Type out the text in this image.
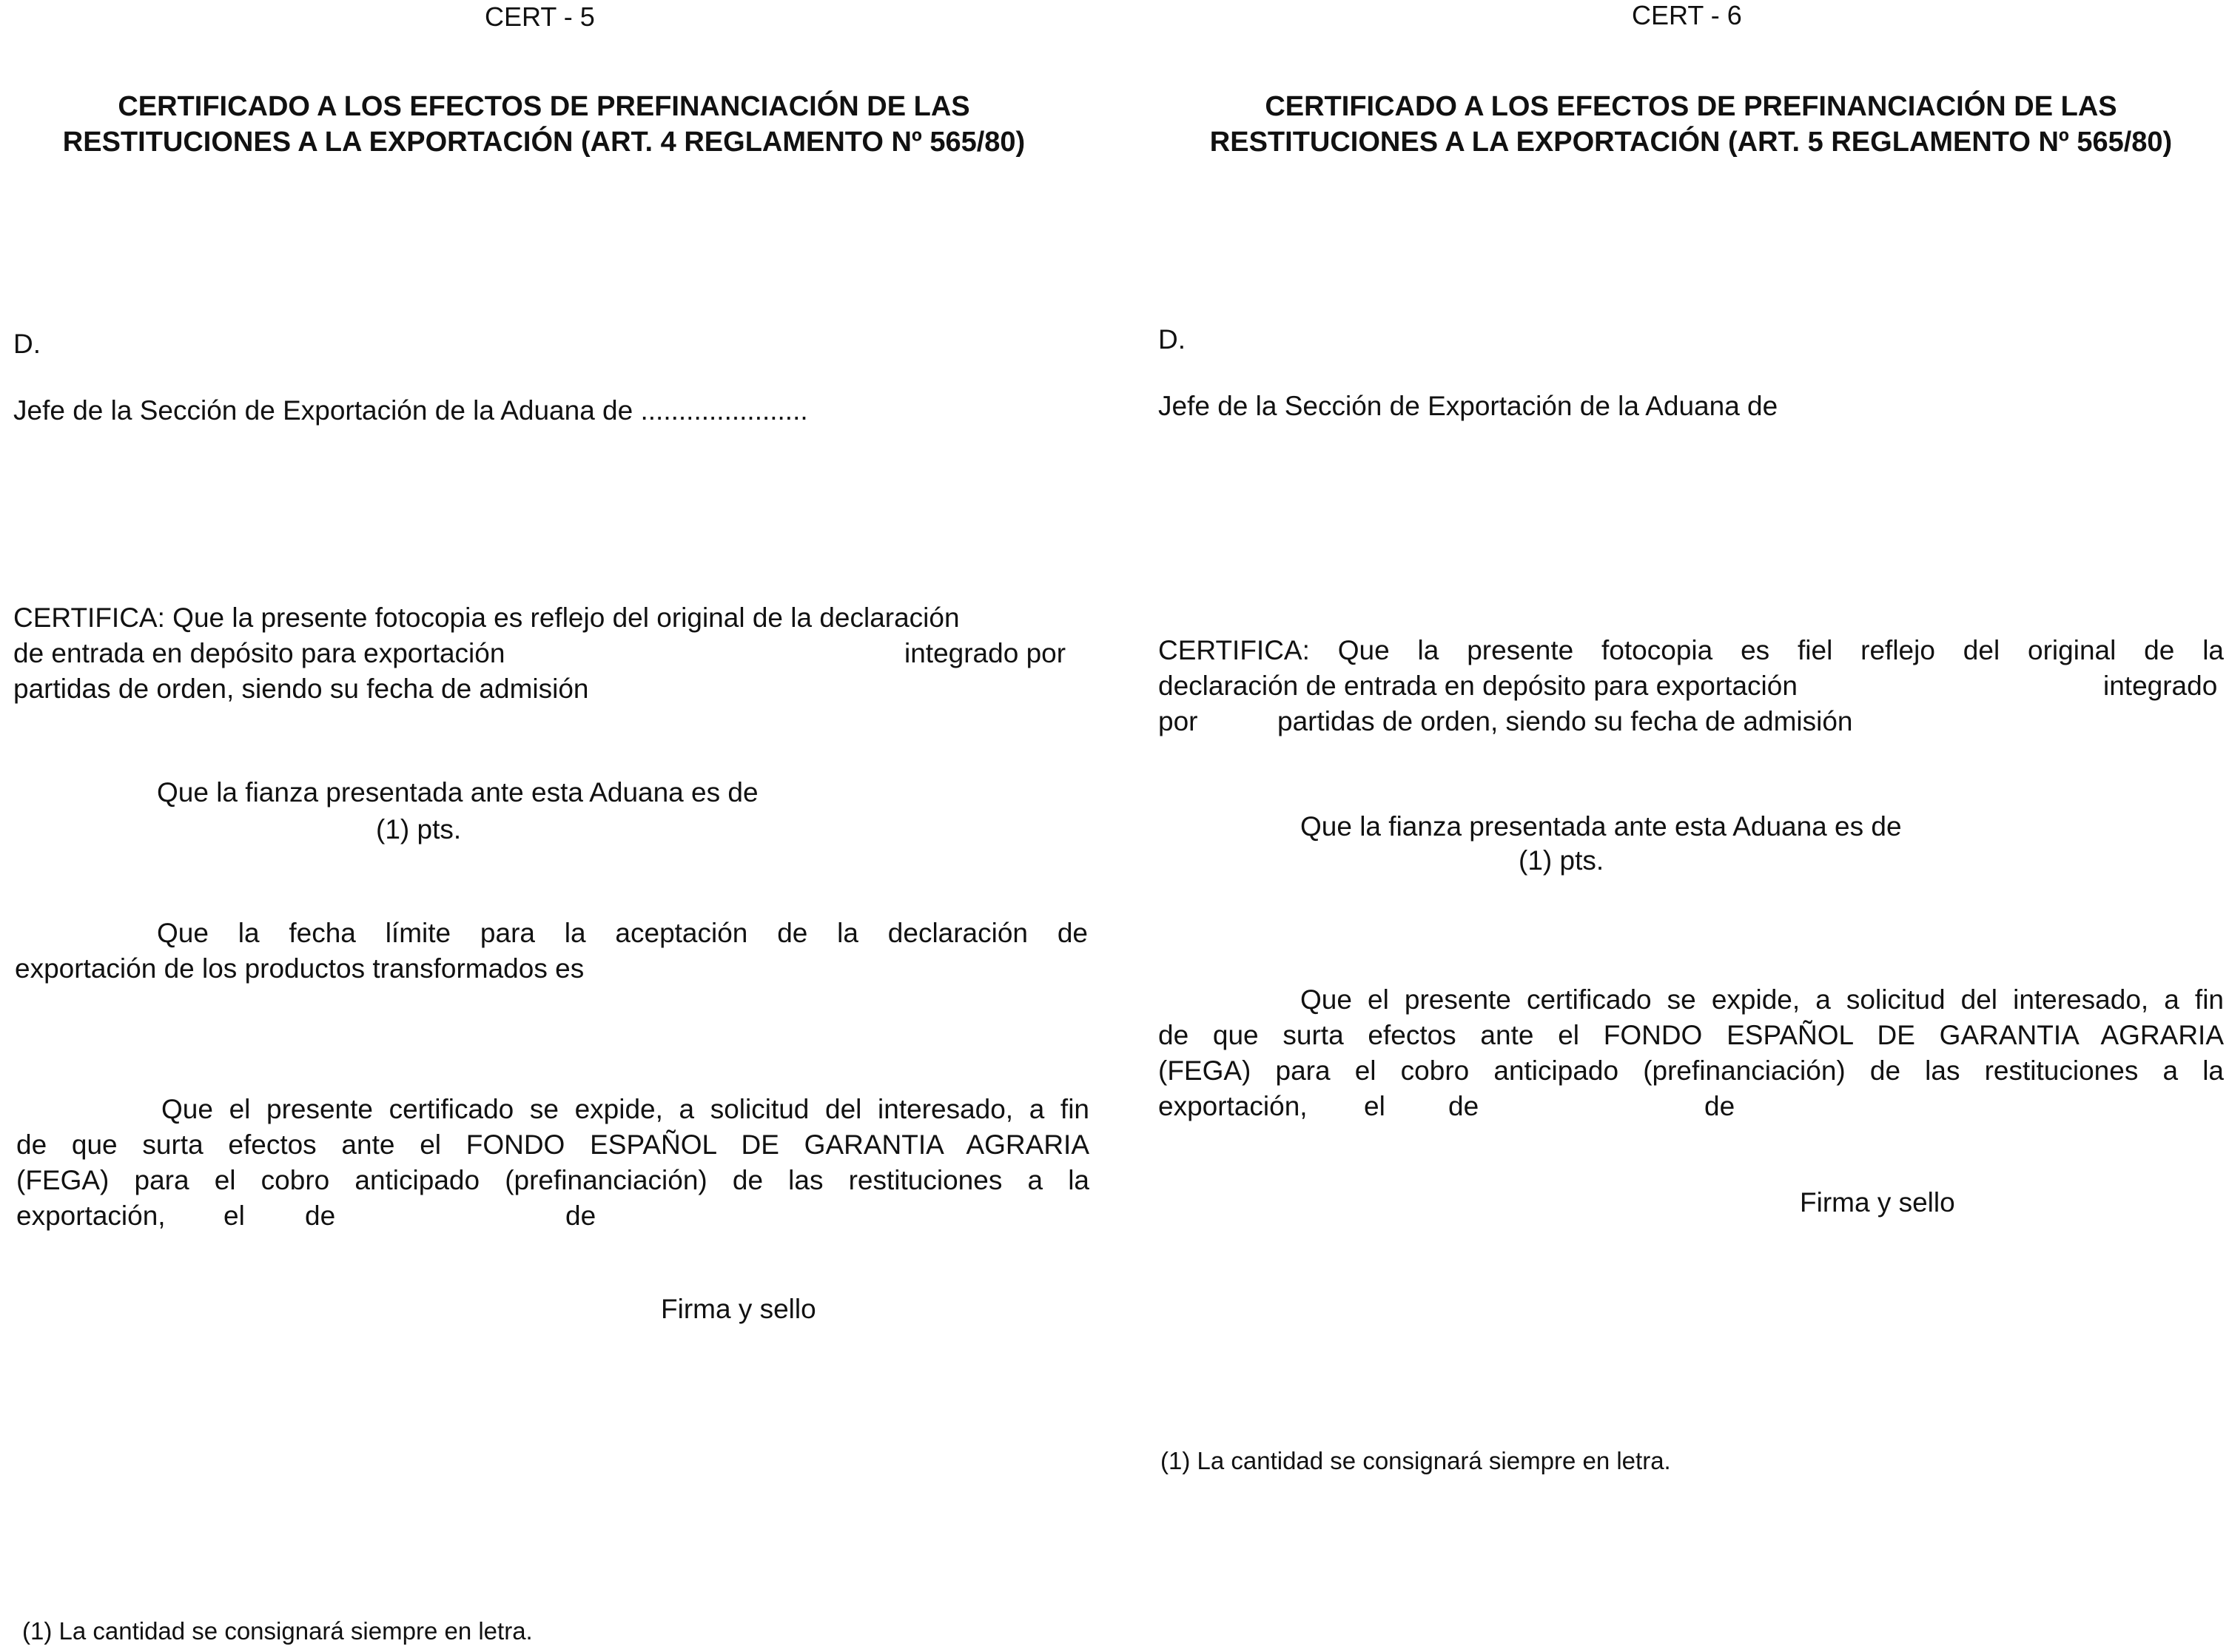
CERT - 5
CERTIFICADO A LOS EFECTOS DE PREFINANCIACIÓN DE LAS
RESTITUCIONES A LA EXPORTACIÓN (ART. 4 REGLAMENTO Nº 565/80)
D.
Jefe de la Sección de Exportación de la Aduana de ......................
CERTIFICA: Que la presente fotocopia es reflejo del original de la declaración
de entrada en depósito para exportación	integrado por
partidas de orden, siendo su fecha de admisión
Que la fianza presentada ante esta Aduana es de
(1) pts.
Que la fecha límite para la aceptación de la declaración de
exportación de los productos transformados es
Que el presente certificado se expide, a solicitud del interesado, a fin
de que surta efectos ante el FONDO ESPAÑOL DE GARANTIA AGRARIA
(FEGA) para el cobro anticipado (prefinanciación) de las restituciones a la
exportación, el de	de
Firma y sello
(1) La cantidad se consignará siempre en letra.
CERT - 6
CERTIFICADO A LOS EFECTOS DE PREFINANCIACIÓN DE LAS
RESTITUCIONES A LA EXPORTACIÓN (ART. 5 REGLAMENTO Nº 565/80)
D.
Jefe de la Sección de Exportación de la Aduana de
CERTIFICA: Que la presente fotocopia es fiel reflejo del original de la
declaración de entrada en depósito para exportación	integrado
por	partidas de orden, siendo su fecha de admisión
Que la fianza presentada ante esta Aduana es de
(1) pts.
Que el presente certificado se expide, a solicitud del interesado, a fin
de que surta efectos ante el FONDO ESPAÑOL DE GARANTIA AGRARIA
(FEGA) para el cobro anticipado (prefinanciación) de las restituciones a la
exportación, el de	de
Firma y sello
(1) La cantidad se consignará siempre en letra.
